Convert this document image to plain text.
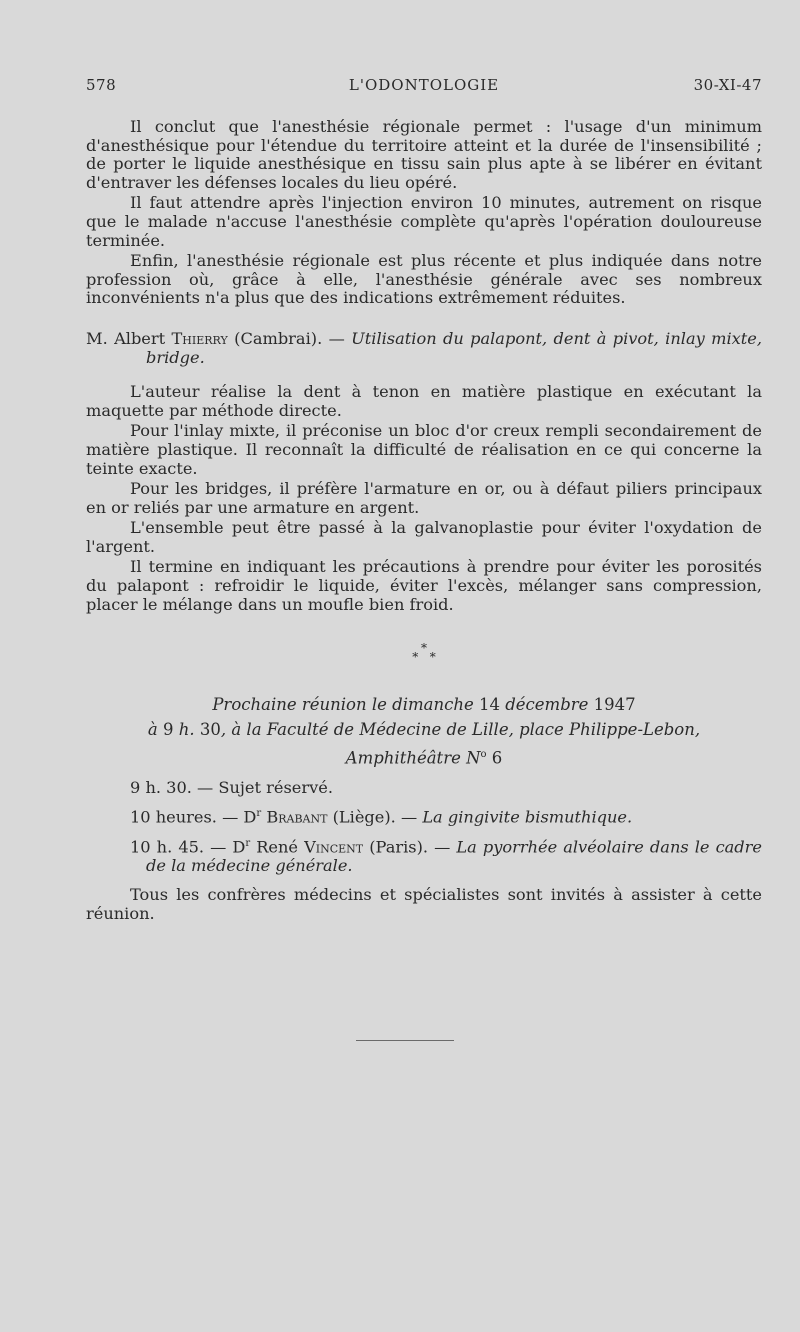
578	L'ODONTOLOGIE	30-XI-47

Il conclut que l'anesthésie régionale permet : l'usage d'un minimum d'anesthésique pour l'étendue du territoire atteint et la durée de l'insensibilité ; de porter le liquide anesthésique en tissu sain plus apte à se libérer en évitant d'entraver les défenses locales du lieu opéré.

Il faut attendre après l'injection environ 10 minutes, autrement on risque que le malade n'accuse l'anesthésie complète qu'après l'opération douloureuse terminée.

Enfin, l'anesthésie régionale est plus récente et plus indiquée dans notre profession où, grâce à elle, l'anesthésie générale avec ses nombreux inconvénients n'a plus que des indications extrêmement réduites.

M. Albert Thierry (Cambrai). — Utilisation du palapont, dent à pivot, inlay mixte, bridge.

L'auteur réalise la dent à tenon en matière plastique en exécutant la maquette par méthode directe.

Pour l'inlay mixte, il préconise un bloc d'or creux rempli secondairement de matière plastique. Il reconnaît la difficulté de réalisation en ce qui concerne la teinte exacte.

Pour les bridges, il préfère l'armature en or, ou à défaut piliers principaux en or reliés par une armature en argent.

L'ensemble peut être passé à la galvanoplastie pour éviter l'oxydation de l'argent.

Il termine en indiquant les précautions à prendre pour éviter les porosités du palapont : refroidir le liquide, éviter l'excès, mélanger sans compression, placer le mélange dans un moufle bien froid.

*
* *
Prochaine réunion le dimanche 14 décembre 1947
à 9 h. 30, à la Faculté de Médecine de Lille, place Philippe-Lebon,
Amphithéâtre $N^o$ 6

9 h. 30. — Sujet réservé.

10 heures. — $D^r$ Brabant (Liège). — La gingivite bismuthique.

10 h. 45. — $D^r$ René Vincent (Paris). — La pyorrhée alvéolaire dans le cadre de la médecine générale.

Tous les confrères médecins et spécialistes sont invités à assister à cette réunion.
